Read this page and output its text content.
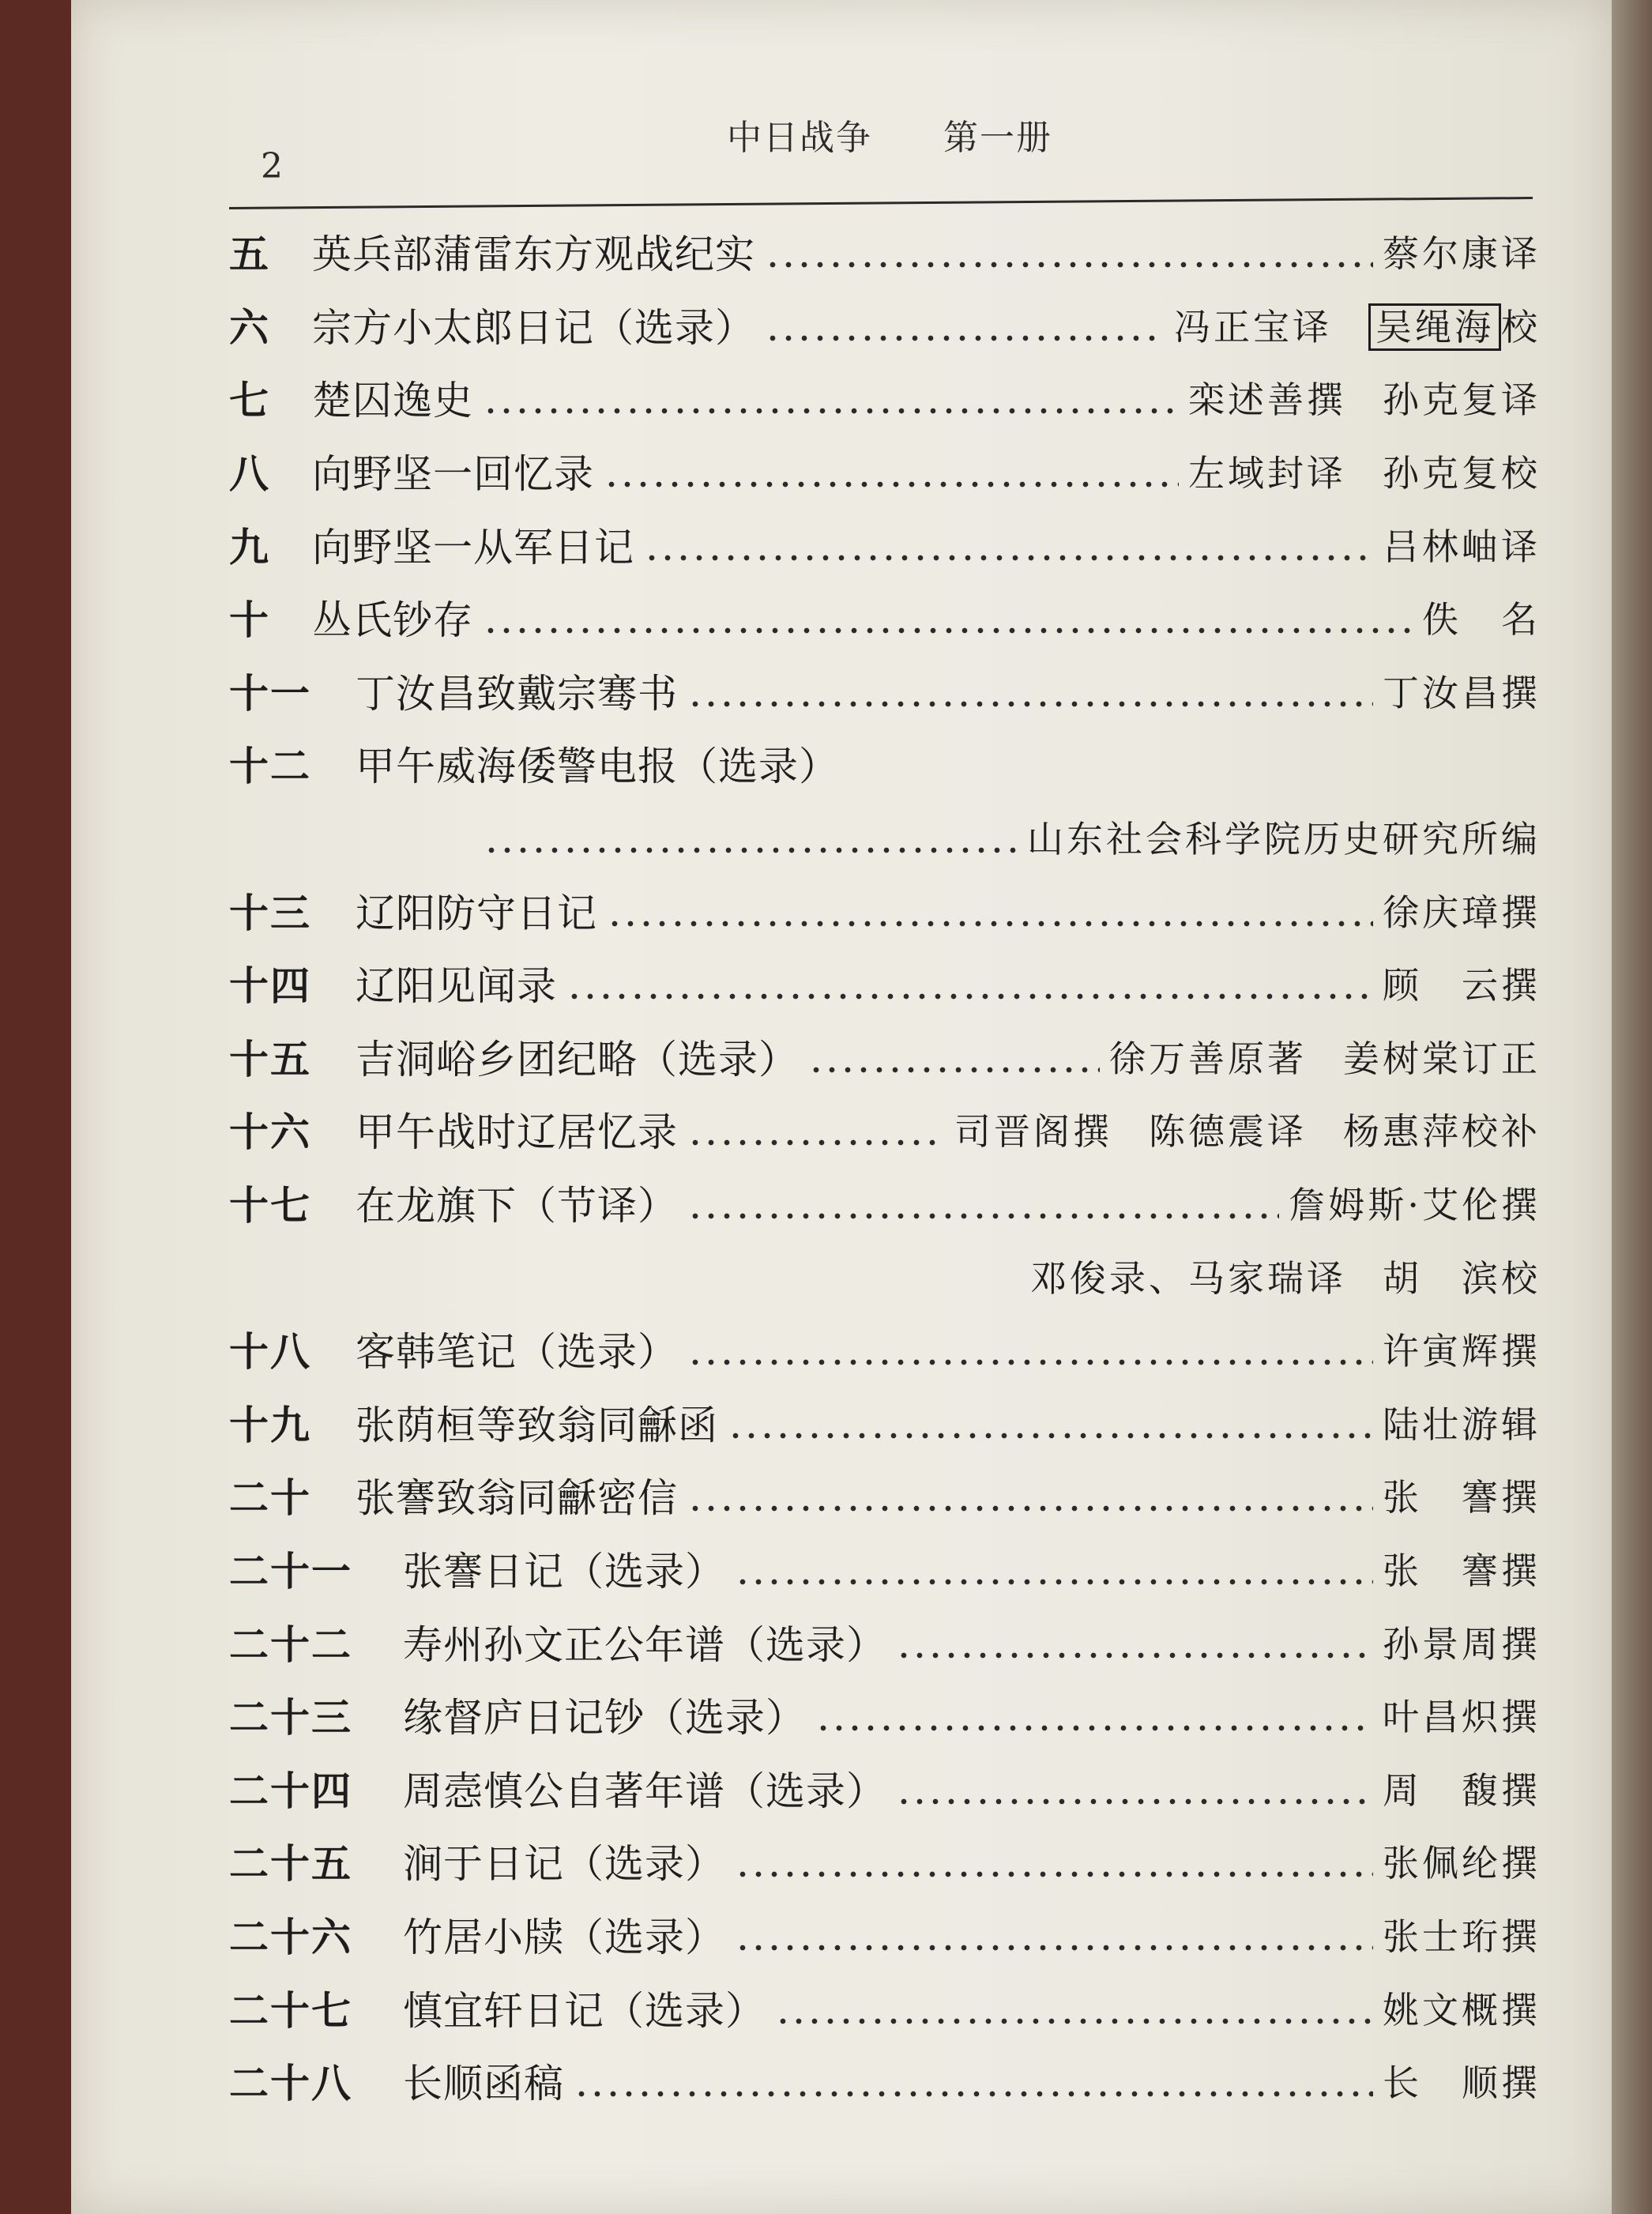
2
中日战争 第一册
五	英兵部蒲雷东方观战纪实	蔡尔康译
六	宗方小太郎日记（选录）	冯正宝译 吴绳海 校
七	楚囚逸史	栾述善撰 孙克复译
八	向野坚一回忆录	左域封译 孙克复校
九	向野坚一从军日记	吕林岫译
十	丛氏钞存	佚　名
十一	丁汝昌致戴宗骞书	丁汝昌撰
十二	甲午威海倭警电报（选录）
山东社会科学院历史研究所编
十三	辽阳防守日记	徐庆璋撰
十四	辽阳见闻录	顾　云撰
十五	吉洞峪乡团纪略（选录）	徐万善原著 姜树棠订正
十六	甲午战时辽居忆录	司晋阁撰 陈德震译 杨惠萍校补
十七	在龙旗下（节译）	詹姆斯·艾伦撰
邓俊录、马家瑞译 胡　滨校
十八	客韩笔记（选录）	许寅辉撰
十九	张荫桓等致翁同龢函	陆壮游辑
二十	张謇致翁同龢密信	张　謇撰
二十一	张謇日记（选录）	张　謇撰
二十二	寿州孙文正公年谱（选录）	孙景周撰
二十三	缘督庐日记钞（选录）	叶昌炽撰
二十四	周悫慎公自著年谱（选录）	周　馥撰
二十五	涧于日记（选录）	张佩纶撰
二十六	竹居小牍（选录）	张士珩撰
二十七	慎宜轩日记（选录）	姚文概撰
二十八	长顺函稿	长　顺撰
